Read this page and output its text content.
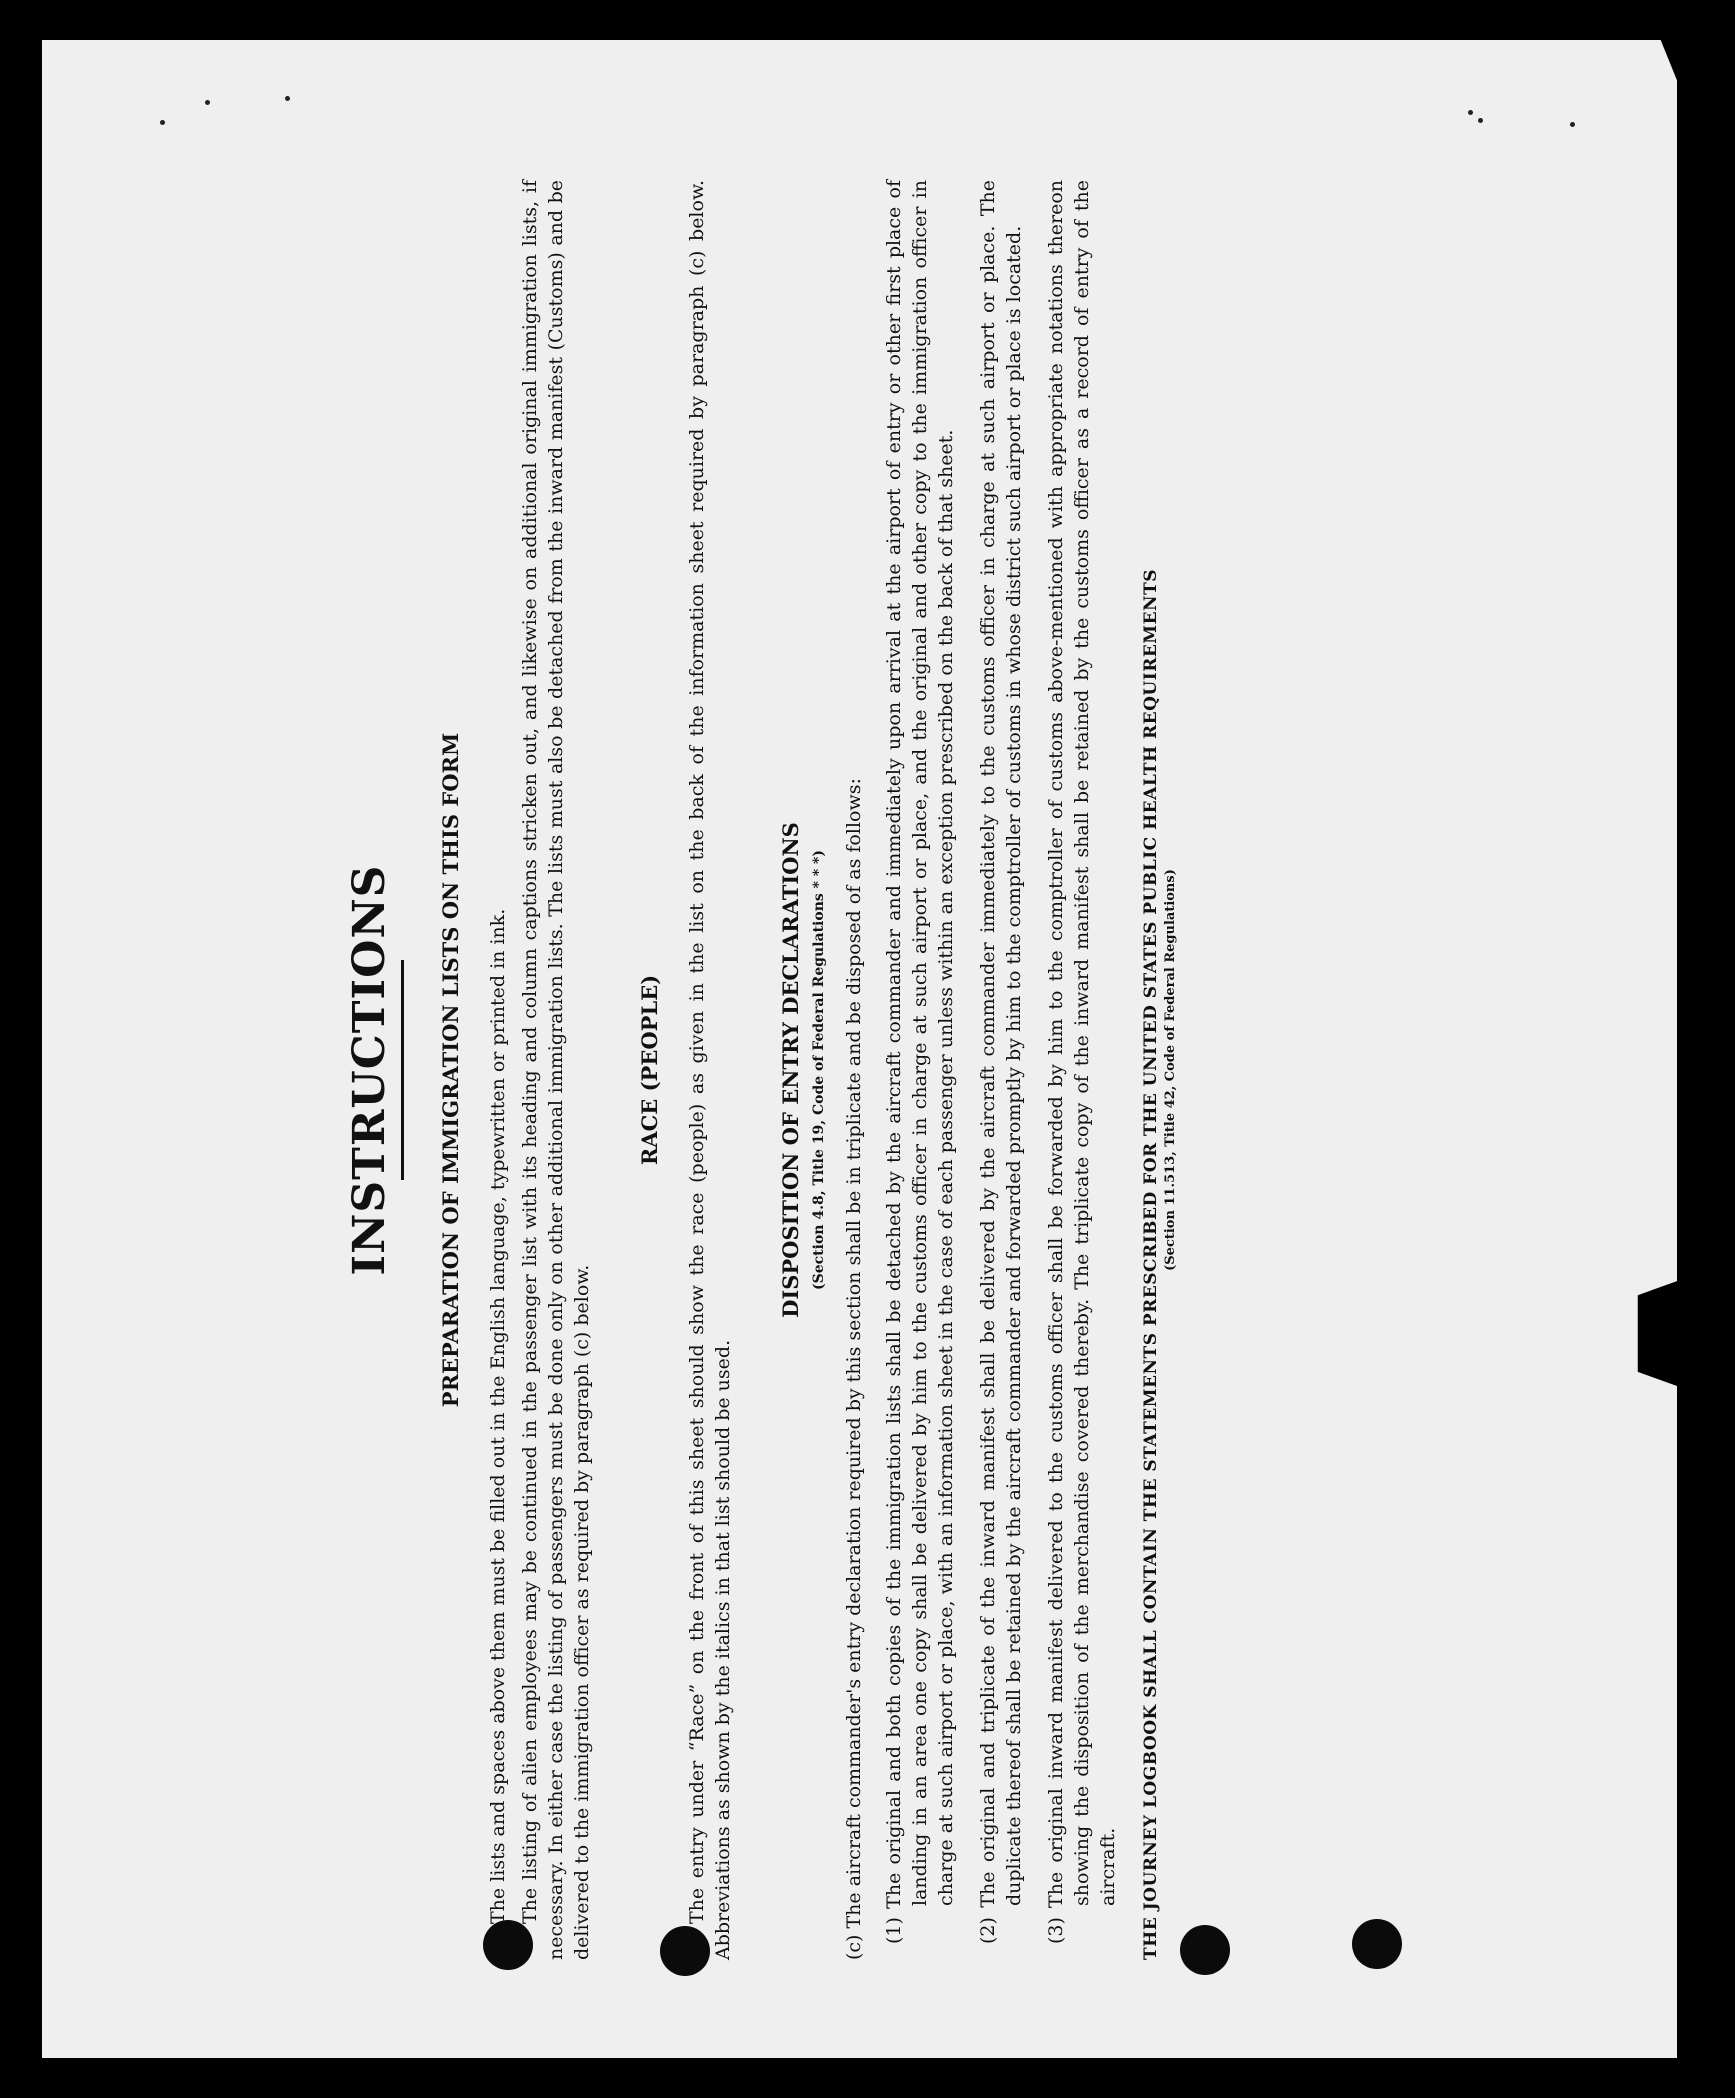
INSTRUCTIONS PREPARATION OF IMMIGRATION LISTS ON THIS FORM The lists and spaces above them must be filled out in the English language, typewritten or printed in ink. The listing of alien employees may be continued in the passenger list with its heading and column captions stricken out, and likewise on additional original immigration lists, if necessary. In either case the listing of passengers must be done only on other additional immigration lists. The lists must also be detached from the inward manifest (Customs) and be delivered to the immigration officer as required by paragraph (c) below.

RACE (PEOPLE) The entry under “Race” on the front of this sheet should show the race (people) as given in the list on the back of the information sheet required by paragraph (c) below. Abbreviations as shown by the italics in that list should be used.

DISPOSITION OF ENTRY DECLARATIONS (Section 4.8, Title 19, Code of Federal Regulations * * *) (c) The aircraft commander's entry declaration required by this section shall be in triplicate and be disposed of as follows: (1) The original and both copies of the immigration lists shall be detached by the aircraft commander and immediately upon arrival at the airport of entry or other first place of landing in an area one copy shall be delivered by him to the customs officer in charge at such airport or place, and the original and other copy to the immigration officer in charge at such airport or place, with an information sheet in the case of each passenger unless within an exception prescribed on the back of that sheet. (2) The original and triplicate of the inward manifest shall be delivered by the aircraft commander immediately to the customs officer in charge at such airport or place. The duplicate thereof shall be retained by the aircraft commander and forwarded promptly by him to the comptroller of customs in whose district such airport or place is located. (3) The original inward manifest delivered to the customs officer shall be forwarded by him to the comptroller of customs above-mentioned with appropriate notations thereon showing the disposition of the merchandise covered thereby. The triplicate copy of the inward manifest shall be retained by the customs officer as a record of entry of the aircraft. THE JOURNEY LOGBOOK SHALL CONTAIN THE STATEMENTS PRESCRIBED FOR THE UNITED STATES PUBLIC HEALTH REQUIREMENTS (Section 11.513, Title 42, Code of Federal Regulations)
